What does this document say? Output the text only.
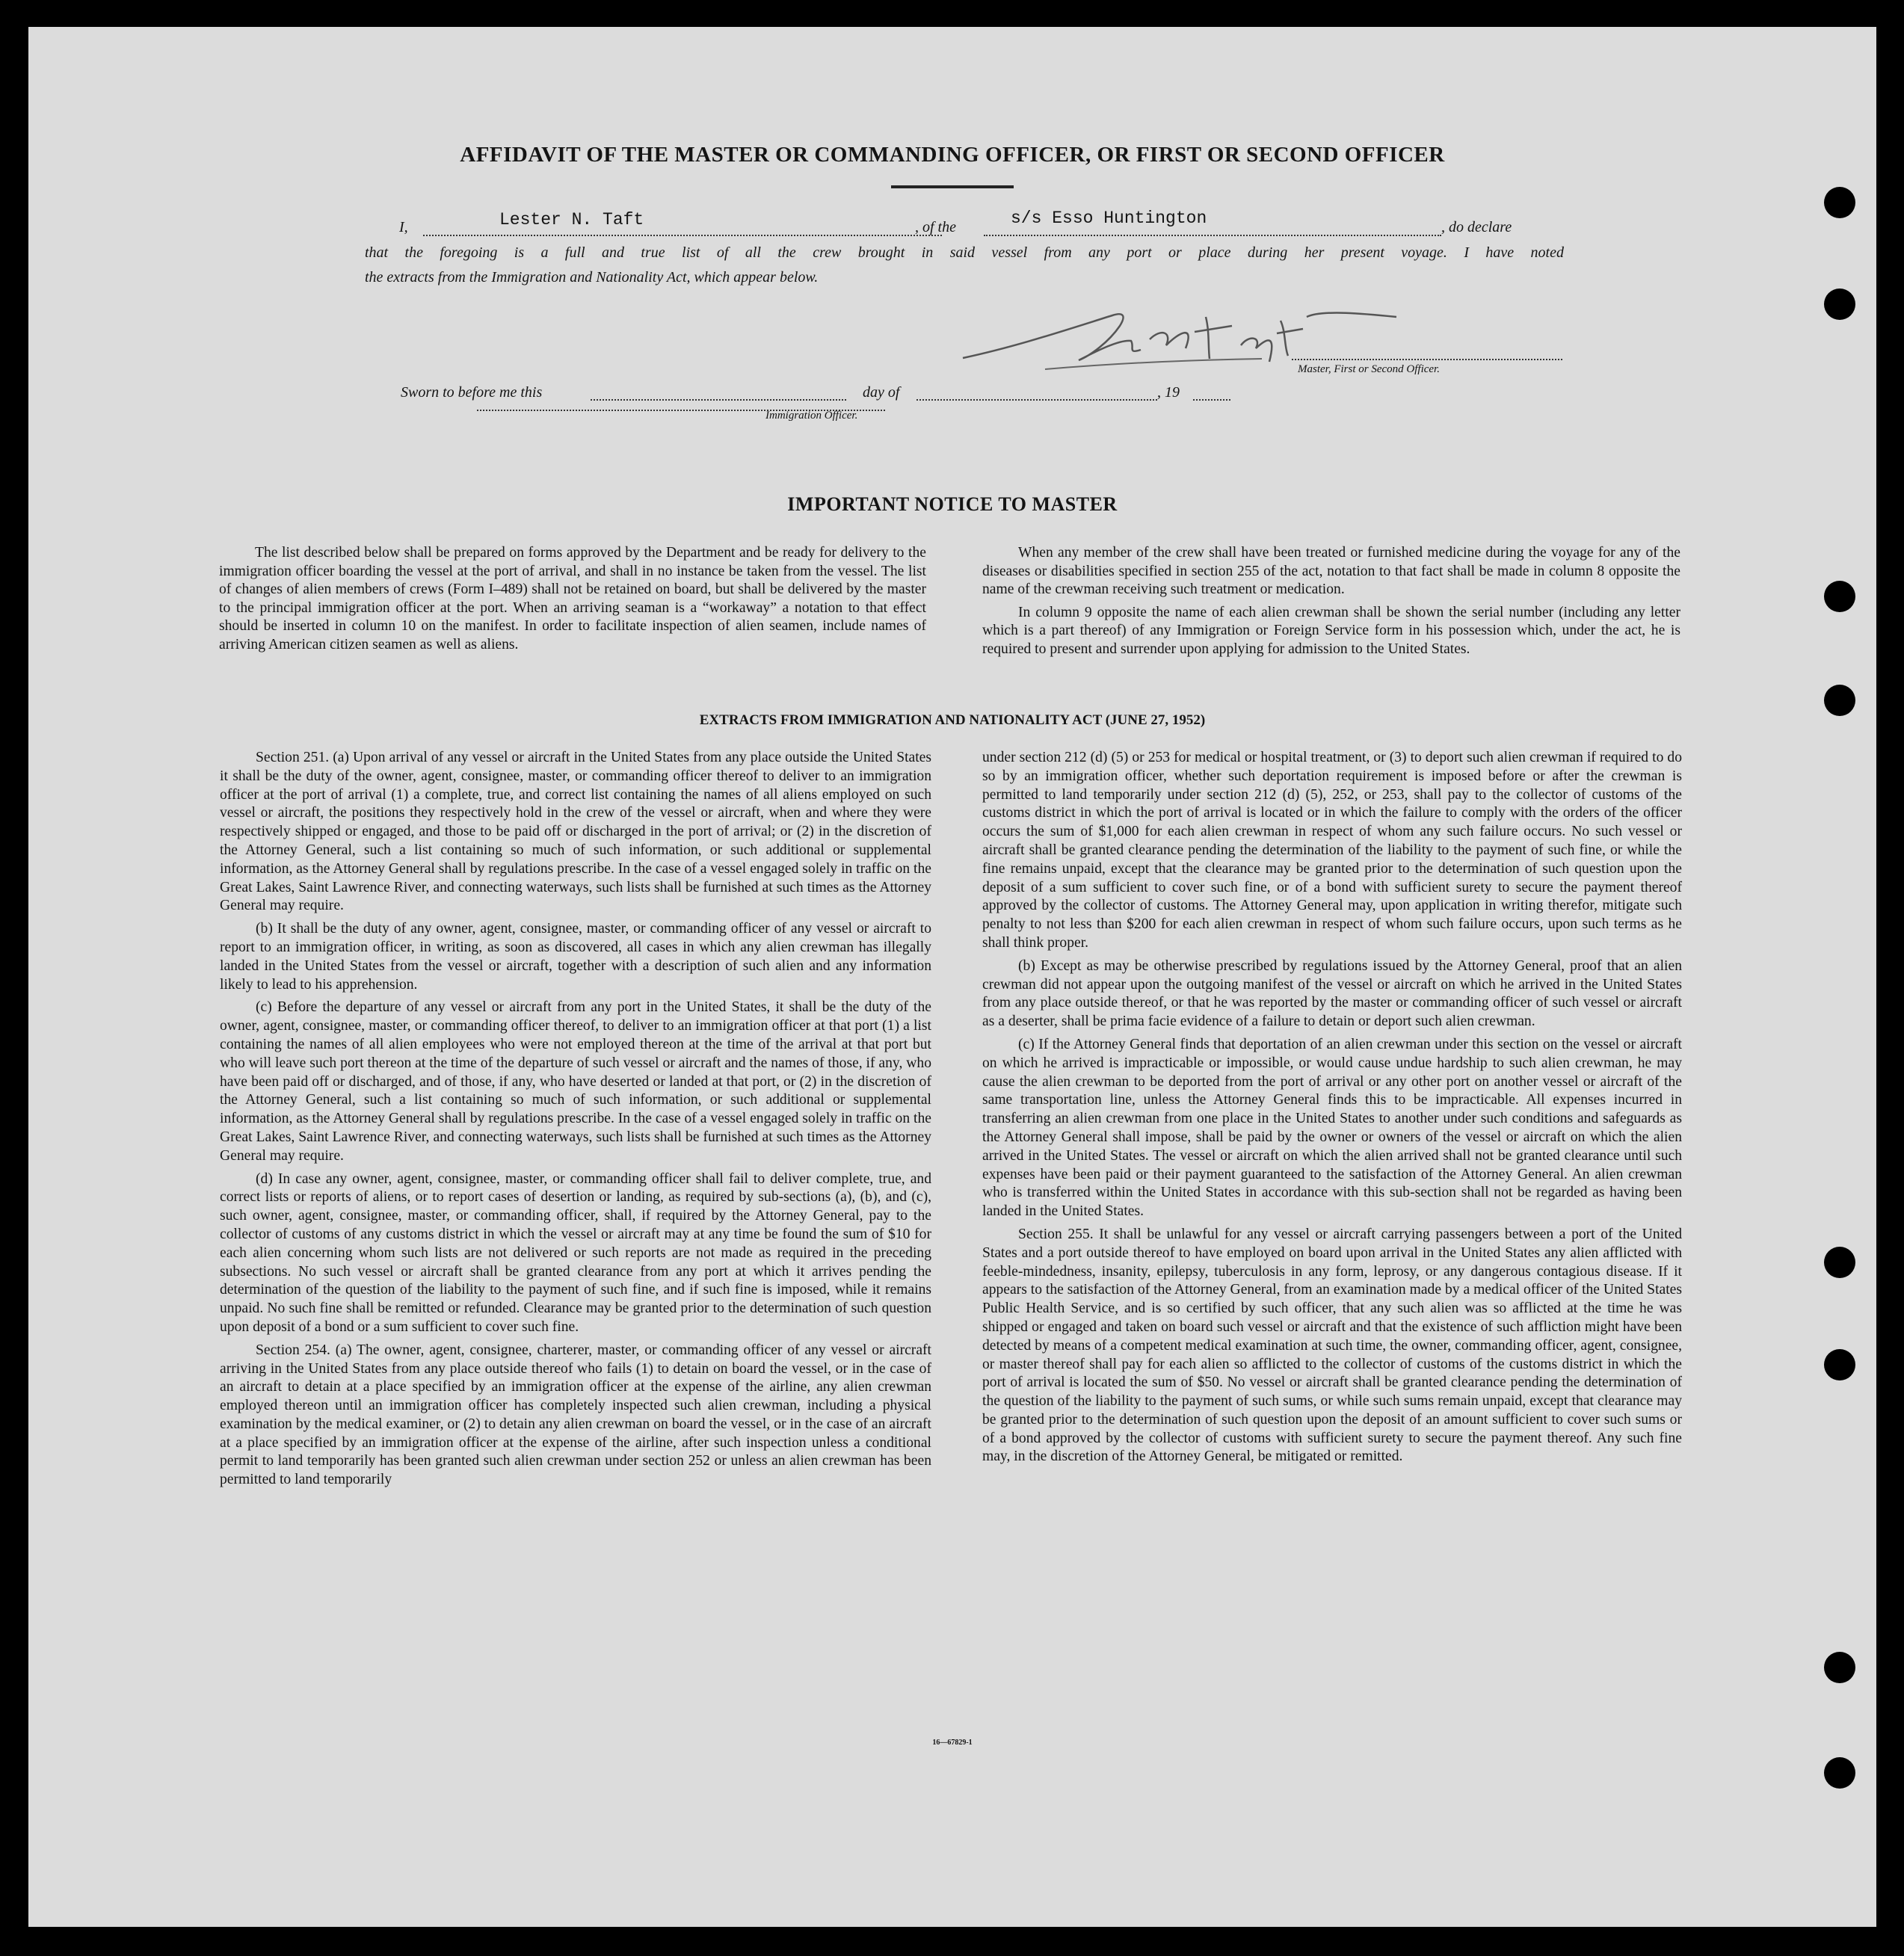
AFFIDAVIT OF THE MASTER OR COMMANDING OFFICER, OR FIRST OR SECOND OFFICER
I,	Lester N. Taft	, of the	s/s Esso Huntington	, do declare
that the foregoing is a full and true list of all the crew brought in said vessel from any port or place during her present voyage. I have noted
the extracts from the Immigration and Nationality Act, which appear below.
L. N. Taft
Master, First or Second Officer.
Sworn to before me this	day of	, 19
Immigration Officer.
IMPORTANT NOTICE TO MASTER

The list described below shall be prepared on forms approved by the Department and be ready for delivery to the immigration officer boarding the vessel at the port of arrival, and shall in no instance be taken from the vessel. The list of changes of alien members of crews (Form I–489) shall not be retained on board, but shall be delivered by the master to the principal immigration officer at the port. When an arriving seaman is a “workaway” a notation to that effect should be inserted in column 10 on the manifest. In order to facilitate inspection of alien seamen, include names of arriving American citizen seamen as well as aliens.

When any member of the crew shall have been treated or furnished medicine during the voyage for any of the diseases or disabilities specified in section 255 of the act, notation to that fact shall be made in column 8 opposite the name of the crewman receiving such treatment or medication.

In column 9 opposite the name of each alien crewman shall be shown the serial number (including any letter which is a part thereof) of any Immigration or Foreign Service form in his possession which, under the act, he is required to present and surrender upon applying for admission to the United States.

EXTRACTS FROM IMMIGRATION AND NATIONALITY ACT (JUNE 27, 1952)

Section 251. (a) Upon arrival of any vessel or aircraft in the United States from any place outside the United States it shall be the duty of the owner, agent, consignee, master, or commanding officer thereof to deliver to an immigration officer at the port of arrival (1) a complete, true, and correct list containing the names of all aliens employed on such vessel or aircraft, the positions they respectively hold in the crew of the vessel or aircraft, when and where they were respectively shipped or engaged, and those to be paid off or discharged in the port of arrival; or (2) in the discretion of the Attorney General, such a list containing so much of such information, or such additional or supplemental information, as the Attorney General shall by regulations prescribe. In the case of a vessel engaged solely in traffic on the Great Lakes, Saint Lawrence River, and connecting waterways, such lists shall be furnished at such times as the Attorney General may require.

(b) It shall be the duty of any owner, agent, consignee, master, or commanding officer of any vessel or aircraft to report to an immigration officer, in writing, as soon as discovered, all cases in which any alien crewman has illegally landed in the United States from the vessel or aircraft, together with a description of such alien and any information likely to lead to his apprehension.

(c) Before the departure of any vessel or aircraft from any port in the United States, it shall be the duty of the owner, agent, consignee, master, or commanding officer thereof, to deliver to an immigration officer at that port (1) a list containing the names of all alien employees who were not employed thereon at the time of the arrival at that port but who will leave such port thereon at the time of the departure of such vessel or aircraft and the names of those, if any, who have been paid off or discharged, and of those, if any, who have deserted or landed at that port, or (2) in the discretion of the Attorney General, such a list containing so much of such information, or such additional or supplemental information, as the Attorney General shall by regulations prescribe. In the case of a vessel engaged solely in traffic on the Great Lakes, Saint Lawrence River, and connecting waterways, such lists shall be furnished at such times as the Attorney General may require.

(d) In case any owner, agent, consignee, master, or commanding officer shall fail to deliver complete, true, and correct lists or reports of aliens, or to report cases of desertion or landing, as required by sub-sections (a), (b), and (c), such owner, agent, consignee, master, or commanding officer, shall, if required by the Attorney General, pay to the collector of customs of any customs district in which the vessel or aircraft may at any time be found the sum of $10 for each alien concerning whom such lists are not delivered or such reports are not made as required in the preceding subsections. No such vessel or aircraft shall be granted clearance from any port at which it arrives pending the determination of the question of the liability to the payment of such fine, and if such fine is imposed, while it remains unpaid. No such fine shall be remitted or refunded. Clearance may be granted prior to the determination of such question upon deposit of a bond or a sum sufficient to cover such fine.

Section 254. (a) The owner, agent, consignee, charterer, master, or commanding officer of any vessel or aircraft arriving in the United States from any place outside thereof who fails (1) to detain on board the vessel, or in the case of an aircraft to detain at a place specified by an immigration officer at the expense of the airline, any alien crewman employed thereon until an immigration officer has completely inspected such alien crewman, including a physical examination by the medical examiner, or (2) to detain any alien crewman on board the vessel, or in the case of an aircraft at a place specified by an immigration officer at the expense of the airline, after such inspection unless a conditional permit to land temporarily has been granted such alien crewman under section 252 or unless an alien crewman has been permitted to land temporarily

under section 212 (d) (5) or 253 for medical or hospital treatment, or (3) to deport such alien crewman if required to do so by an immigration officer, whether such deportation requirement is imposed before or after the crewman is permitted to land temporarily under section 212 (d) (5), 252, or 253, shall pay to the collector of customs of the customs district in which the port of arrival is located or in which the failure to comply with the orders of the officer occurs the sum of $1,000 for each alien crewman in respect of whom any such failure occurs. No such vessel or aircraft shall be granted clearance pending the determination of the liability to the payment of such fine, or while the fine remains unpaid, except that the clearance may be granted prior to the determination of such question upon the deposit of a sum sufficient to cover such fine, or of a bond with sufficient surety to secure the payment thereof approved by the collector of customs. The Attorney General may, upon application in writing therefor, mitigate such penalty to not less than $200 for each alien crewman in respect of whom such failure occurs, upon such terms as he shall think proper.

(b) Except as may be otherwise prescribed by regulations issued by the Attorney General, proof that an alien crewman did not appear upon the outgoing manifest of the vessel or aircraft on which he arrived in the United States from any place outside thereof, or that he was reported by the master or commanding officer of such vessel or aircraft as a deserter, shall be prima facie evidence of a failure to detain or deport such alien crewman.

(c) If the Attorney General finds that deportation of an alien crewman under this section on the vessel or aircraft on which he arrived is impracticable or impossible, or would cause undue hardship to such alien crewman, he may cause the alien crewman to be deported from the port of arrival or any other port on another vessel or aircraft of the same transportation line, unless the Attorney General finds this to be impracticable. All expenses incurred in transferring an alien crewman from one place in the United States to another under such conditions and safeguards as the Attorney General shall impose, shall be paid by the owner or owners of the vessel or aircraft on which the alien arrived in the United States. The vessel or aircraft on which the alien arrived shall not be granted clearance until such expenses have been paid or their payment guaranteed to the satisfaction of the Attorney General. An alien crewman who is transferred within the United States in accordance with this sub-section shall not be regarded as having been landed in the United States.

Section 255. It shall be unlawful for any vessel or aircraft carrying passengers between a port of the United States and a port outside thereof to have employed on board upon arrival in the United States any alien afflicted with feeble-mindedness, insanity, epilepsy, tuberculosis in any form, leprosy, or any dangerous contagious disease. If it appears to the satisfaction of the Attorney General, from an examination made by a medical officer of the United States Public Health Service, and is so certified by such officer, that any such alien was so afflicted at the time he was shipped or engaged and taken on board such vessel or aircraft and that the existence of such affliction might have been detected by means of a competent medical examination at such time, the owner, commanding officer, agent, consignee, or master thereof shall pay for each alien so afflicted to the collector of customs of the customs district in which the port of arrival is located the sum of $50. No vessel or aircraft shall be granted clearance pending the determination of the question of the liability to the payment of such sums, or while such sums remain unpaid, except that clearance may be granted prior to the determination of such question upon the deposit of an amount sufficient to cover such sums or of a bond approved by the collector of customs with sufficient surety to secure the payment thereof. Any such fine may, in the discretion of the Attorney General, be mitigated or remitted.

16—67829-1
